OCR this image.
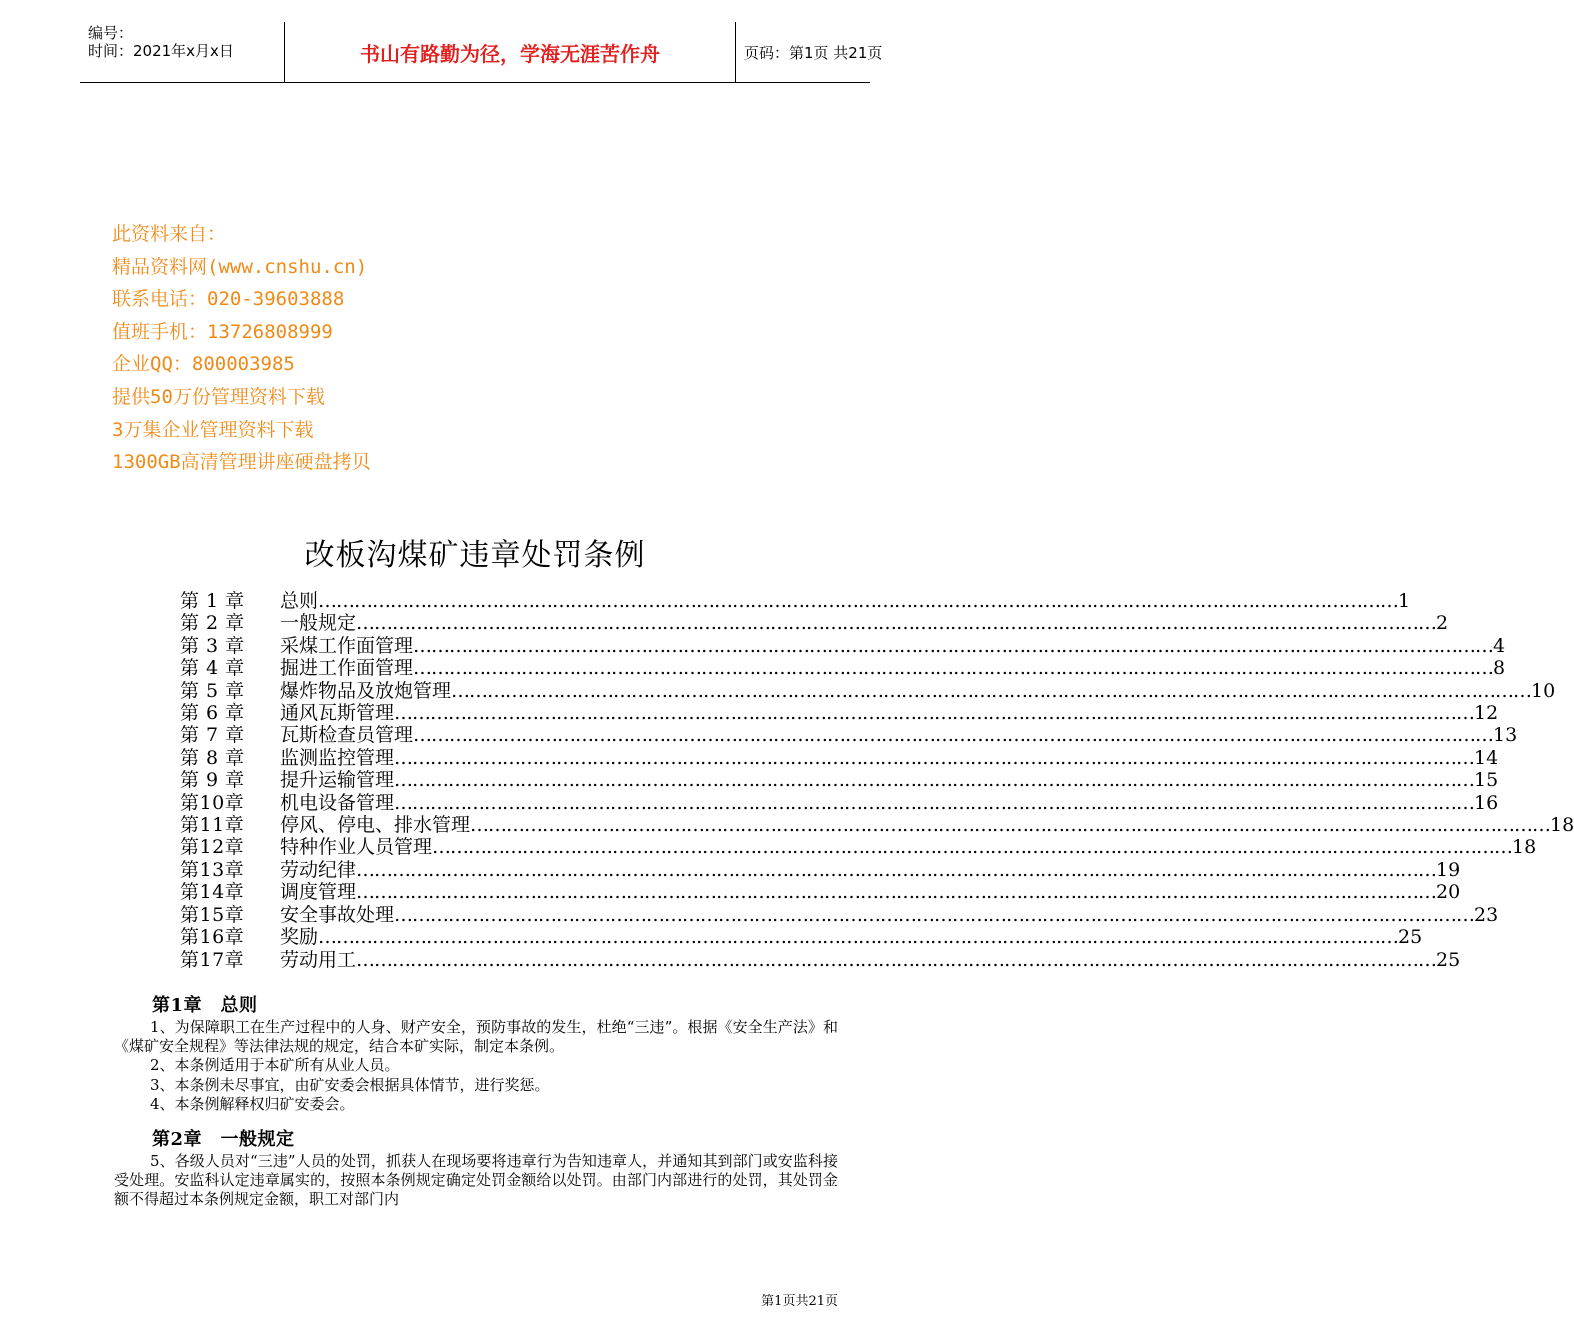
编号：
时间：2021年x月x日	书山有路勤为径，学海无涯苦作舟	页码：第1页 共21页
此资料来自：
精品资料网(www.cnshu.cn)
联系电话：020-39603888
值班手机：13726808999
企业QQ：800003985
提供50万份管理资料下载
3万集企业管理资料下载
1300GB高清管理讲座硬盘拷贝
改板沟煤矿违章处罚条例
第 1 章	总则 ……………………………………………………………………………………………………………………………………………………………… 1
第 2 章	一般规定 ……………………………………………………………………………………………………………………………………………………………… 2
第 3 章	采煤工作面管理 ……………………………………………………………………………………………………………………………………………………………… 4
第 4 章	掘进工作面管理 ……………………………………………………………………………………………………………………………………………………………… 8
第 5 章	爆炸物品及放炮管理 ……………………………………………………………………………………………………………………………………………………………… 10
第 6 章	通风瓦斯管理 ……………………………………………………………………………………………………………………………………………………………… 12
第 7 章	瓦斯检查员管理 ……………………………………………………………………………………………………………………………………………………………… 13
第 8 章	监测监控管理 ……………………………………………………………………………………………………………………………………………………………… 14
第 9 章	提升运输管理 ……………………………………………………………………………………………………………………………………………………………… 15
第10章	机电设备管理 ……………………………………………………………………………………………………………………………………………………………… 16
第11章	停风、停电、排水管理 ……………………………………………………………………………………………………………………………………………………………… 18
第12章	特种作业人员管理 ……………………………………………………………………………………………………………………………………………………………… 18
第13章	劳动纪律 ……………………………………………………………………………………………………………………………………………………………… 19
第14章	调度管理 ……………………………………………………………………………………………………………………………………………………………… 20
第15章	安全事故处理 ……………………………………………………………………………………………………………………………………………………………… 23
第16章	奖励 ……………………………………………………………………………………………………………………………………………………………… 25
第17章	劳动用工 ……………………………………………………………………………………………………………………………………………………………… 25
第1章　总则
1、为保障职工在生产过程中的人身、财产安全，预防事故的发生，杜绝“三违”。根据《安全生产法》和《煤矿安全规程》等法律法规的规定，结合本矿实际，制定本条例。
2、本条例适用于本矿所有从业人员。
3、本条例未尽事宜，由矿安委会根据具体情节，进行奖惩。
4、本条例解释权归矿安委会。
第2章　一般规定
5、各级人员对“三违”人员的处罚，抓获人在现场要将违章行为告知违章人，并通知其到部门或安监科接受处理。安监科认定违章属实的，按照本条例规定确定处罚金额给以处罚。由部门内部进行的处罚，其处罚金额不得超过本条例规定金额，职工对部门内
第1页共21页
